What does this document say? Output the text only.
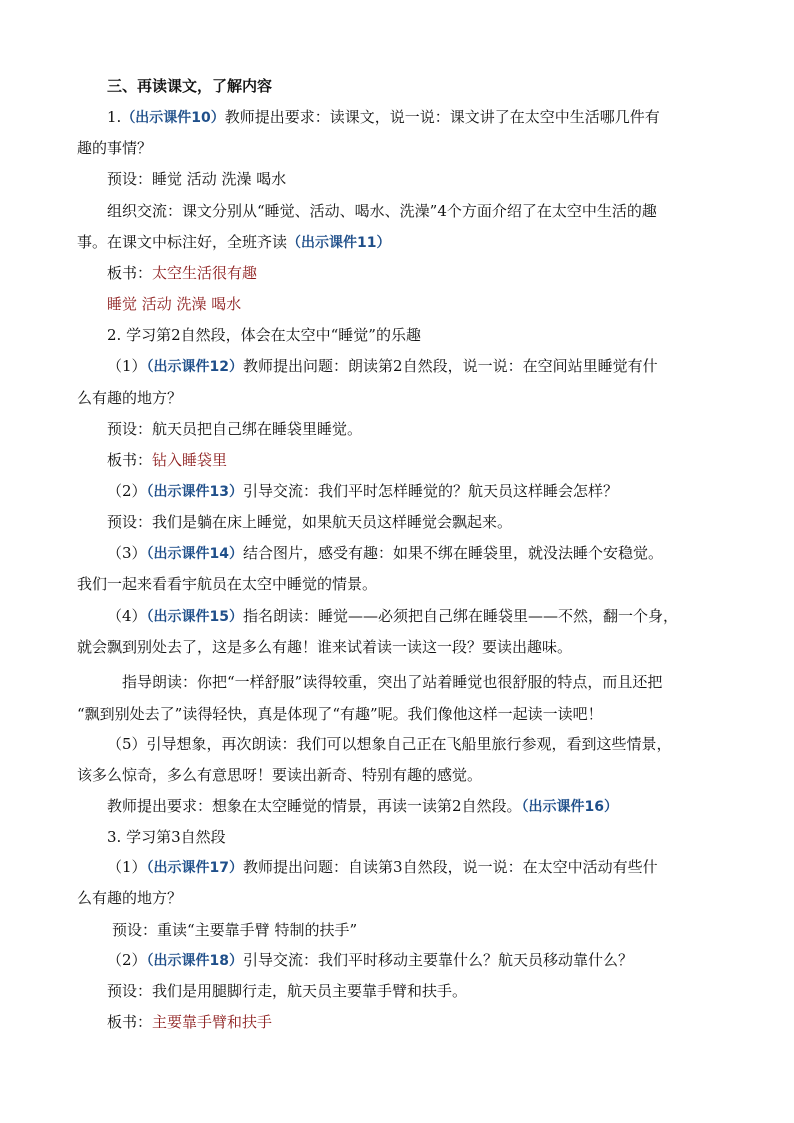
三、再读课文，了解内容
1.（出示课件10）教师提出要求：读课文，说一说：课文讲了在太空中生活哪几件有
趣的事情？
预设：睡觉 活动 洗澡 喝水
组织交流：课文分别从“睡觉、活动、喝水、洗澡”4个方面介绍了在太空中生活的趣
事。在课文中标注好，全班齐读（出示课件11）
板书：太空生活很有趣
睡觉 活动 洗澡 喝水
2. 学习第2自然段，体会在太空中“睡觉”的乐趣
（1）（出示课件12）教师提出问题：朗读第2自然段，说一说：在空间站里睡觉有什
么有趣的地方？
预设：航天员把自己绑在睡袋里睡觉。
板书：钻入睡袋里
（2）（出示课件13）引导交流：我们平时怎样睡觉的？航天员这样睡会怎样？
预设：我们是躺在床上睡觉，如果航天员这样睡觉会飘起来。
（3）（出示课件14）结合图片，感受有趣：如果不绑在睡袋里，就没法睡个安稳觉。
我们一起来看看宇航员在太空中睡觉的情景。
（4）（出示课件15）指名朗读：睡觉——必须把自己绑在睡袋里——不然，翻一个身，
就会飘到别处去了，这是多么有趣！谁来试着读一读这一段？要读出趣味。
指导朗读：你把“一样舒服”读得较重，突出了站着睡觉也很舒服的特点，而且还把
“飘到别处去了”读得轻快，真是体现了“有趣”呢。我们像他这样一起读一读吧！
（5）引导想象，再次朗读：我们可以想象自己正在飞船里旅行参观，看到这些情景，
该多么惊奇，多么有意思呀！要读出新奇、特别有趣的感觉。
教师提出要求：想象在太空睡觉的情景，再读一读第2自然段。（出示课件16）
3. 学习第3自然段
（1）（出示课件17）教师提出问题：自读第3自然段，说一说：在太空中活动有些什
么有趣的地方？
预设：重读“主要靠手臂 特制的扶手”
（2）（出示课件18）引导交流：我们平时移动主要靠什么？航天员移动靠什么？
预设：我们是用腿脚行走，航天员主要靠手臂和扶手。
板书：主要靠手臂和扶手
